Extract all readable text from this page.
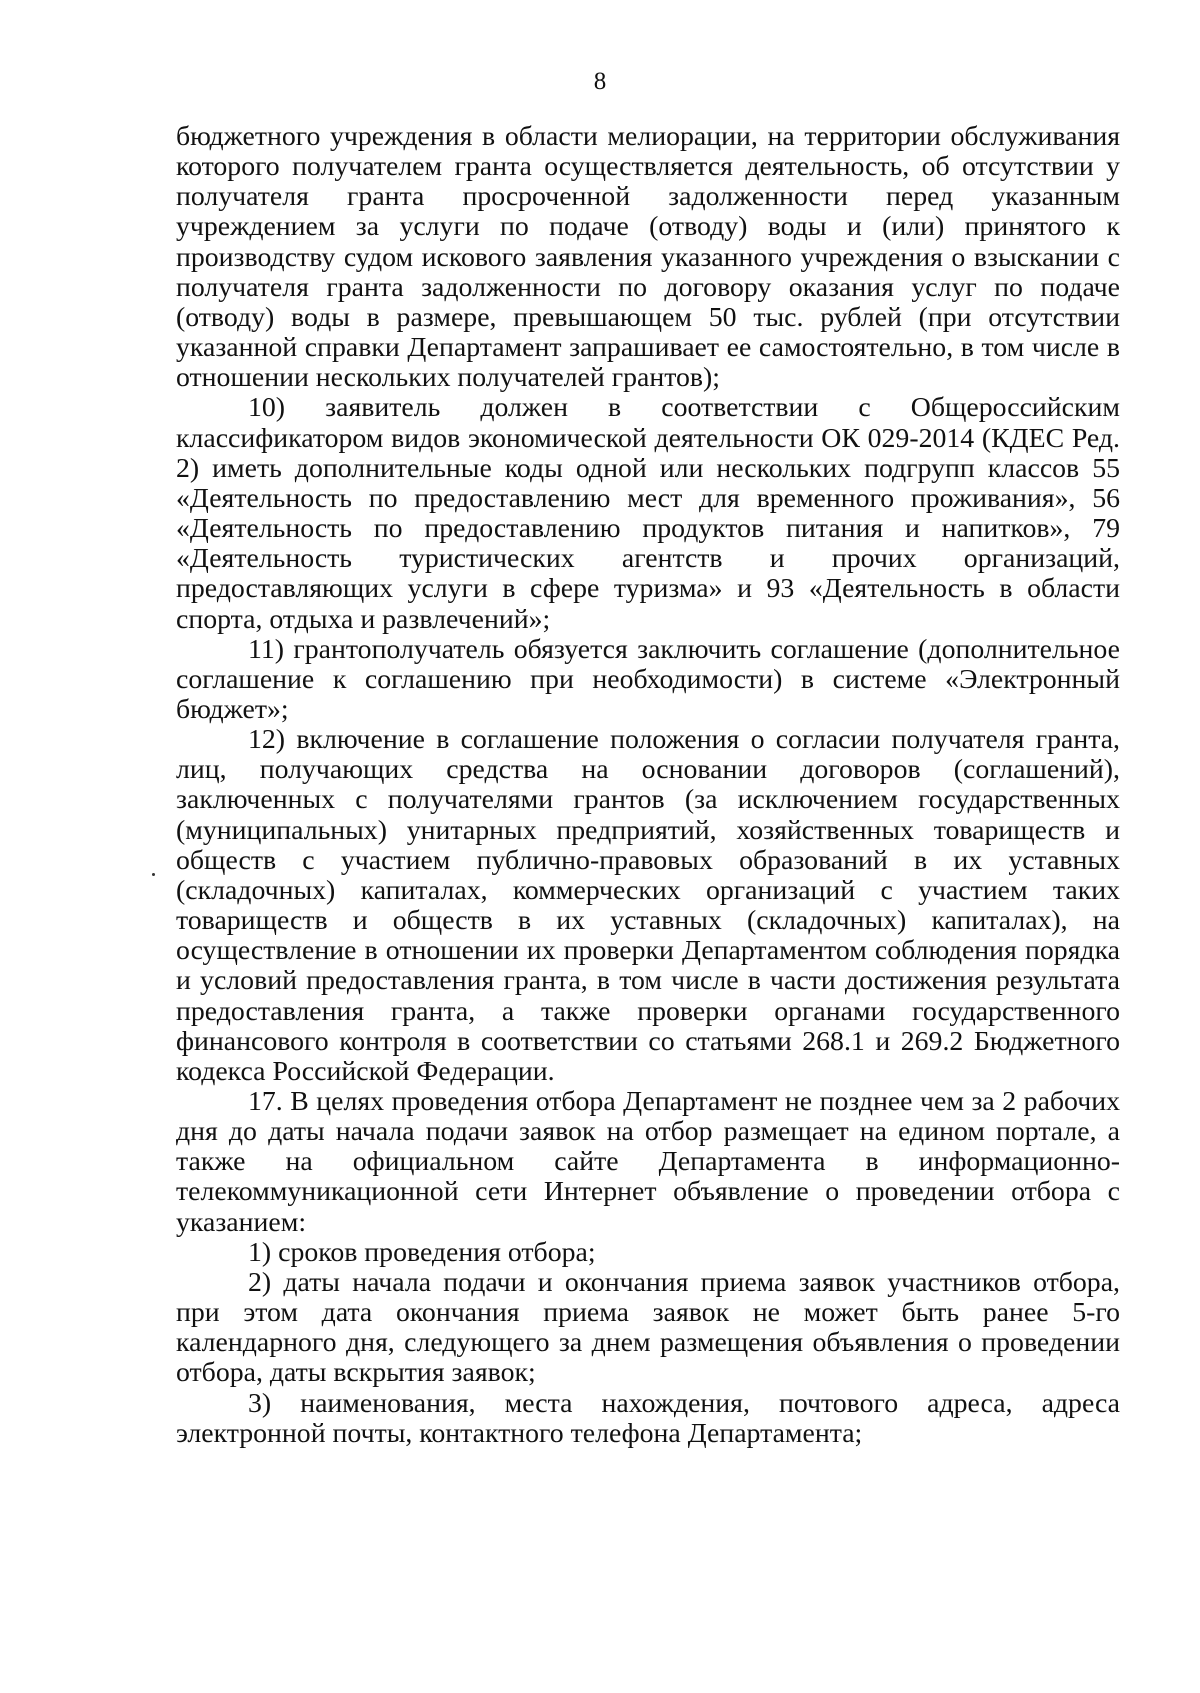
8

бюджетного учреждения в области мелиорации, на территории обслуживания которого получателем гранта осуществляется деятельность, об отсутствии у получателя гранта просроченной задолженности перед указанным учреждением за услуги по подаче (отводу) воды и (или) принятого к производству судом искового заявления указанного учреждения о взыскании с получателя гранта задолженности по договору оказания услуг по подаче (отводу) воды в размере, превышающем 50 тыс. рублей (при отсутствии указанной справки Департамент запрашивает ее самостоятельно, в том числе в отношении нескольких получателей грантов);

10) заявитель должен в соответствии с Общероссийским классификатором видов экономической деятельности ОК 029-2014 (КДЕС Ред. 2) иметь дополнительные коды одной или нескольких подгрупп классов 55 «Деятельность по предоставлению мест для временного проживания», 56 «Деятельность по предоставлению продуктов питания и напитков», 79 «Деятельность туристических агентств и прочих организаций, предоставляющих услуги в сфере туризма» и 93 «Деятельность в области спорта, отдыха и развлечений»;

11) грантополучатель обязуется заключить соглашение (дополнительное соглашение к соглашению при необходимости) в системе «Электронный бюджет»;

12) включение в соглашение положения о согласии получателя гранта, лиц, получающих средства на основании договоров (соглашений), заключенных с получателями грантов (за исключением государственных (муниципальных) унитарных предприятий, хозяйственных товариществ и обществ с участием публично-правовых образований в их уставных (складочных) капиталах, коммерческих организаций с участием таких товариществ и обществ в их уставных (складочных) капиталах), на осуществление в отношении их проверки Департаментом соблюдения порядка и условий предоставления гранта, в том числе в части достижения результата предоставления гранта, а также проверки органами государственного финансового контроля в соответствии со статьями 268.1 и 269.2 Бюджетного кодекса Российской Федерации.

17. В целях проведения отбора Департамент не позднее чем за 2 рабочих дня до даты начала подачи заявок на отбор размещает на едином портале, а также на официальном сайте Департамента в информационно-телекоммуникационной сети Интернет объявление о проведении отбора с указанием:

1) сроков проведения отбора;

2) даты начала подачи и окончания приема заявок участников отбора, при этом дата окончания приема заявок не может быть ранее 5-го календарного дня, следующего за днем размещения объявления о проведении отбора, даты вскрытия заявок;

3) наименования, места нахождения, почтового адреса, адреса электронной почты, контактного телефона Департамента;
